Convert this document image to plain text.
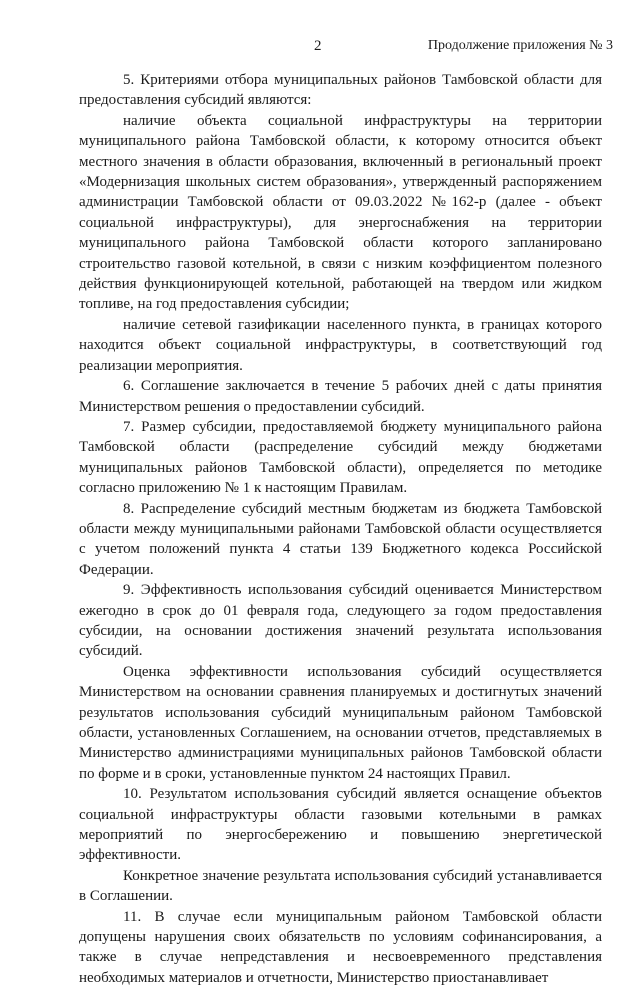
2	Продолжение приложения № 3

5. Критериями отбора муниципальных районов Тамбовской области для предоставления субсидий являются:

наличие объекта социальной инфраструктуры на территории муниципального района Тамбовской области, к которому относится объект местного значения в области образования, включенный в региональный проект «Модернизация школьных систем образования», утвержденный распоряжением администрации Тамбовской области от 09.03.2022 №162-р (далее - объект социальной инфраструктуры), для энергоснабжения на территории муниципального района Тамбовской области которого запланировано строительство газовой котельной, в связи с низким коэффициентом полезного действия функционирующей котельной, работающей на твердом или жидком топливе, на год предоставления субсидии;

наличие сетевой газификации населенного пункта, в границах которого находится объект социальной инфраструктуры, в соответствующий год реализации мероприятия.

6. Соглашение заключается в течение 5 рабочих дней с даты принятия Министерством решения о предоставлении субсидий.

7. Размер субсидии, предоставляемой бюджету муниципального района Тамбовской области (распределение субсидий между бюджетами муниципальных районов Тамбовской области), определяется по методике согласно приложению № 1 к настоящим Правилам.

8. Распределение субсидий местным бюджетам из бюджета Тамбовской области между муниципальными районами Тамбовской области осуществляется с учетом положений пункта 4 статьи 139 Бюджетного кодекса Российской Федерации.

9. Эффективность использования субсидий оценивается Министерством ежегодно в срок до 01 февраля года, следующего за годом предоставления субсидии, на основании достижения значений результата использования субсидий.

Оценка эффективности использования субсидий осуществляется Министерством на основании сравнения планируемых и достигнутых значений результатов использования субсидий муниципальным районом Тамбовской области, установленных Соглашением, на основании отчетов, представляемых в Министерство администрациями муниципальных районов Тамбовской области по форме и в сроки, установленные пунктом 24 настоящих Правил.

10. Результатом использования субсидий является оснащение объектов социальной инфраструктуры области газовыми котельными в рамках мероприятий по энергосбережению и повышению энергетической эффективности.

Конкретное значение результата использования субсидий устанавливается в Соглашении.

11. В случае если муниципальным районом Тамбовской области допущены нарушения своих обязательств по условиям софинансирования, а также в случае непредставления и несвоевременного представления необходимых материалов и отчетности, Министерство приостанавливает
